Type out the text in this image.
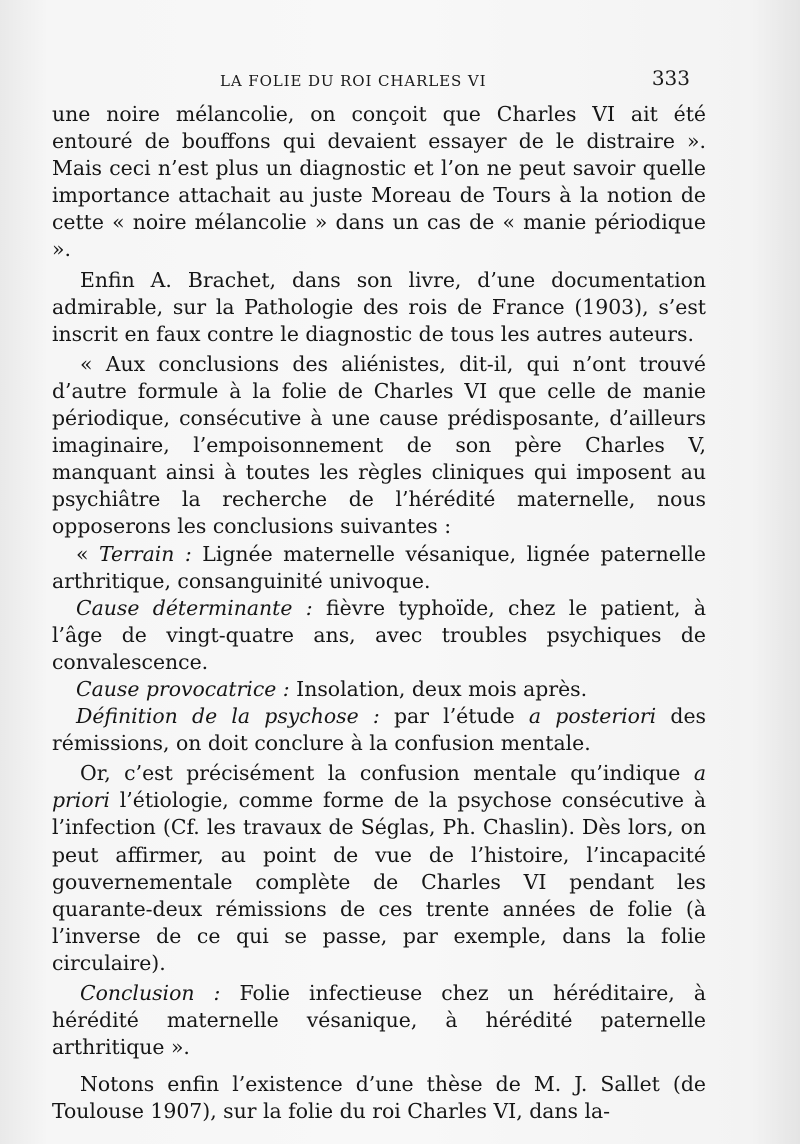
LA FOLIE DU ROI CHARLES VI	333

une noire mélancolie, on conçoit que Charles VI ait été entouré de bouffons qui devaient essayer de le distraire ». Mais ceci n’est plus un diagnostic et l’on ne peut savoir quelle importance attachait au juste Moreau de Tours à la notion de cette « noire mélancolie » dans un cas de « manie périodique ».

Enfin A. Brachet, dans son livre, d’une documentation admirable, sur la Pathologie des rois de France (1903), s’est inscrit en faux contre le diagnostic de tous les autres auteurs.

« Aux conclusions des aliénistes, dit-il, qui n’ont trouvé d’autre formule à la folie de Charles VI que celle de manie périodique, consécutive à une cause prédisposante, d’ailleurs imaginaire, l’empoisonnement de son père Charles V, manquant ainsi à toutes les règles cliniques qui imposent au psychiâtre la recherche de l’hérédité maternelle, nous opposerons les conclusions suivantes :

« Terrain : Lignée maternelle vésanique, lignée paternelle arthritique, consanguinité univoque.

Cause déterminante : fièvre typhoïde, chez le patient, à l’âge de vingt-quatre ans, avec troubles psychiques de convalescence.

Cause provocatrice : Insolation, deux mois après.

Définition de la psychose : par l’étude a posteriori des rémissions, on doit conclure à la confusion mentale.

Or, c’est précisément la confusion mentale qu’indique a priori l’étiologie, comme forme de la psychose consécutive à l’infection (Cf. les travaux de Séglas, Ph. Chaslin). Dès lors, on peut affirmer, au point de vue de l’histoire, l’incapacité gouvernementale complète de Charles VI pendant les quarante-deux rémissions de ces trente années de folie (à l’inverse de ce qui se passe, par exemple, dans la folie circulaire).

Conclusion : Folie infectieuse chez un héréditaire, à hérédité maternelle vésanique, à hérédité paternelle arthritique ».

Notons enfin l’existence d’une thèse de M. J. Sallet (de Toulouse 1907), sur la folie du roi Charles VI, dans la-
